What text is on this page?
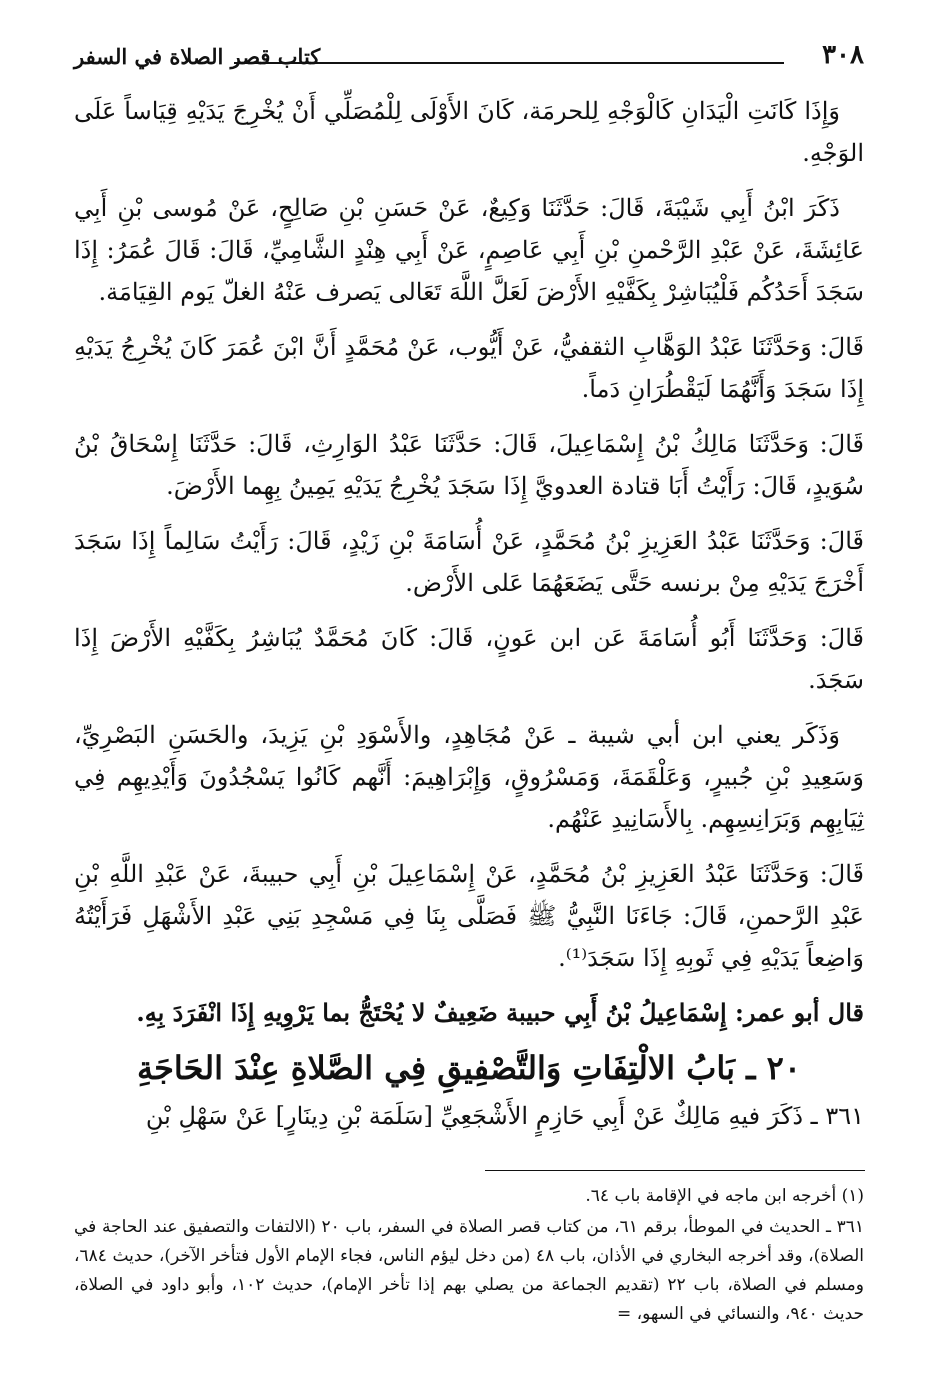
٣٠٨
كتاب قصر الصلاة في السفر

وَإِذَا كَانَتِ الْيَدَانِ كَالْوَجْهِ لِلحرمَة، كَانَ الأَوْلَى لِلْمُصَلِّي أَنْ يُخْرِجَ يَدَيْهِ قِيَاساً عَلَى الوَجْهِ.

ذَكَرَ ابْنُ أَبِي شَيْبَةَ، قَالَ: حَدَّثَنَا وَكِيعٌ، عَنْ حَسَنِ بْنِ صَالِحٍ، عَنْ مُوسى بْنِ أَبِي عَائِشَةَ، عَنْ عَبْدِ الرَّحْمنِ بْنِ أَبِي عَاصِمٍ، عَنْ أَبِي هِنْدٍ الشَّامِيِّ، قَالَ: قَالَ عُمَرُ: إِذَا سَجَدَ أَحَدُكُم فَلْيُبَاشِرْ بِكَفَّيْهِ الأَرْضَ لَعَلَّ اللَّهَ تَعَالى يَصرف عَنْهُ الغلّ يَوم القِيَامَة.

قَالَ: وَحَدَّثَنَا عَبْدُ الوَهَّابِ الثقفيُّ، عَنْ أَيُّوب، عَنْ مُحَمَّدٍ أَنَّ ابْنَ عُمَرَ كَانَ يُخْرِجُ يَدَيْهِ إِذَا سَجَدَ وَأَنَّهُمَا لَيَقْطُرَانِ دَماً.

قَالَ: وَحَدَّثَنَا مَالِكُ بْنُ إِسْمَاعِيلَ، قَالَ: حَدَّثَنَا عَبْدُ الوَارِثِ، قَالَ: حَدَّثَنَا إِسْحَاقُ بْنُ سُوَيدٍ، قَالَ: رَأَيْتُ أَبَا قتادة العدويَّ إِذَا سَجَدَ يُخْرِجُ يَدَيْهِ يَمِينُ بِهِما الأَرْضَ.

قَالَ: وَحَدَّثَنَا عَبْدُ العَزِيزِ بْنُ مُحَمَّدٍ، عَنْ أُسَامَةَ بْنِ زَيْدٍ، قَالَ: رَأَيْتُ سَالِماً إِذَا سَجَدَ أَخْرَجَ يَدَيْهِ مِنْ برنسه حَتَّى يَضَعَهُمَا عَلى الأَرْض.

قَالَ: وَحَدَّثَنَا أَبُو أُسَامَةَ عَن ابن عَونٍ، قَالَ: كَانَ مُحَمَّدٌ يُبَاشِرُ بِكَفَّيْهِ الأَرْضَ إِذَا سَجَدَ.

وَذَكَر يعني ابن أبي شيبة ـ عَنْ مُجَاهِدٍ، والأَسْوَدِ بْنِ يَزِيدَ، والحَسَنِ البَصْرِيِّ، وَسَعِيدِ بْنِ جُبيرٍ، وَعَلْقَمَةَ، وَمَسْرُوقٍ، وَإِبْرَاهِيمَ: أَنَّهم كَانُوا يَسْجُدُونَ وَأَيْدِيهِم فِي ثِيَابِهِم وَبَرَانِسِهِم. بِالأَسَانِيدِ عَنْهُم.

قَالَ: وَحَدَّثَنَا عَبْدُ العَزِيزِ بْنُ مُحَمَّدٍ، عَنْ إِسْمَاعِيلَ بْنِ أَبِي حبيبةَ، عَنْ عَبْدِ اللَّهِ بْنِ عَبْدِ الرَّحمنِ، قَالَ: جَاءَنَا النَّبِيُّ ﷺ فَصَلَّى بِنَا فِي مَسْجِدِ بَنِي عَبْدِ الأَشْهَلِ فَرَأَيْتُهُ وَاضِعاً يَدَيْهِ فِي ثَوبِهِ إِذَا سَجَدَ⁽¹⁾.

قال أبو عمر: إِسْمَاعِيلُ بْنُ أَبِي حبيبة ضَعِيفٌ لا يُحْتَجُّ بما يَرْوِيهِ إِذَا انْفَرَدَ بِهِ.

٢٠ ـ بَابُ الالْتِفَاتِ وَالتَّصْفِيقِ فِي الصَّلاةِ عِنْدَ الحَاجَةِ

٣٦١ ـ ذَكَرَ فيهِ مَالِكٌ عَنْ أَبِي حَازِمٍ الأَشْجَعِيِّ [سَلَمَة بْنِ دِينَارٍ] عَنْ سَهْلِ بْنِ

(١) أخرجه ابن ماجه في الإقامة باب ٦٤.

٣٦١ ـ الحديث في الموطأ، برقم ٦١، من كتاب قصر الصلاة في السفر، باب ٢٠ (الالتفات والتصفيق عند الحاجة في الصلاة)، وقد أخرجه البخاري في الأذان، باب ٤٨ (من دخل ليؤم الناس، فجاء الإمام الأول فتأخر الآخر)، حديث ٦٨٤، ومسلم في الصلاة، باب ٢٢ (تقديم الجماعة من يصلي بهم إذا تأخر الإمام)، حديث ١٠٢، وأبو داود في الصلاة، حديث ٩٤٠، والنسائي في السهو، =
